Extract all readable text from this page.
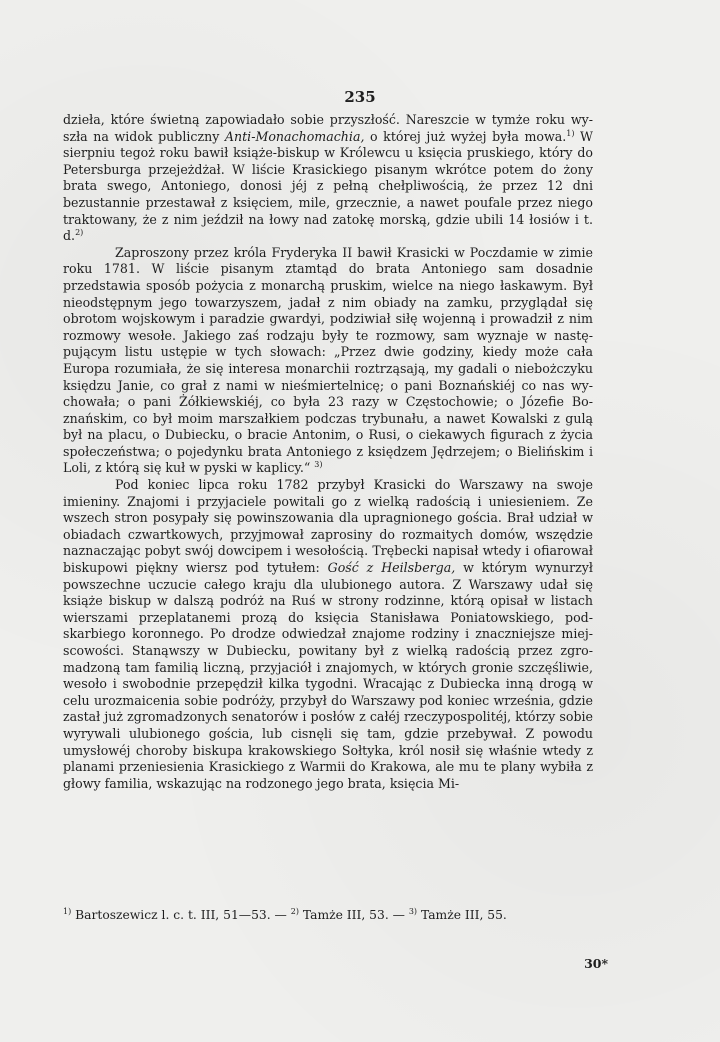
235

dzieła, które świetną zapowiadało sobie przyszłość. Nareszcie w tymże roku wyszła na widok publiczny Anti-Monachomachia, o której już wyżej była mowa.$^{1)}$ W sierpniu tegoż roku bawił książe-biskup w Królewcu u księcia pruskiego, który do Petersburga przejeżdżał. W liście Krasickiego pisanym wkrótce potem do żony brata swego, Antoniego, donosi jéj z pełną chełpliwością, że przez 12 dni bezustannie przestawał z księciem, mile, grzecznie, a nawet poufale przez niego traktowany, że z nim jeździł na łowy nad zatokę morską, gdzie ubili 14 łosiów i t. d.$^{2)}$

Zaproszony przez króla Fryderyka II bawił Krasicki w Poczdamie w zimie roku 1781. W liście pisanym ztamtąd do brata Antoniego sam dosadnie przedstawia sposób pożycia z monarchą pruskim, wielce na niego łaskawym. Był nieodstępnym jego towarzyszem, jadał z nim obiady na zamku, przyglądał się obrotom wojskowym i paradzie gwardyi, podziwiał siłę wojenną i prowadził z nim rozmowy wesołe. Jakiego zaś rodzaju były te rozmowy, sam wyznaje w następującym listu ustępie w tych słowach: „Przez dwie godziny, kiedy może cała Europa rozumiała, że się interesa monarchii roztrząsają, my gadali o niebożczyku księdzu Janie, co grał z nami w nieśmiertelnicę; o pani Boznańskiéj co nas wychowała; o pani Żółkiewskiéj, co była 23 razy w Częstochowie; o Józefie Boznańskim, co był moim marszałkiem podczas trybunału, a nawet Kowalski z gulą był na placu, o Dubiecku, o bracie Antonim, o Rusi, o ciekawych figurach z życia społeczeństwa; o pojedynku brata Antoniego z księdzem Jędrzejem; o Bielińskim i Loli, z którą się kuł w pyski w kaplicy.“ $^{3)}$

Pod koniec lipca roku 1782 przybył Krasicki do Warszawy na swoje imieniny. Znajomi i przyjaciele powitali go z wielką radością i uniesieniem. Ze wszech stron posypały się powinszowania dla upragnionego gościa. Brał udział w obiadach czwartkowych, przyjmował zaprosiny do rozmaitych domów, wszędzie naznaczając pobyt swój dowcipem i wesołością. Trębecki napisał wtedy i ofiarował biskupowi piękny wiersz pod tytułem: Gość z Heilsberga, w którym wynurzył powszechne uczucie całego kraju dla ulubionego autora. Z Warszawy udał się książe biskup w dalszą podróż na Ruś w strony rodzinne, którą opisał w listach wierszami przeplatanemi prozą do księcia Stanisława Poniatowskiego, podskarbiego koronnego. Po drodze odwiedzał znajome rodziny i znaczniejsze miejscowości. Stanąwszy w Dubiecku, powitany był z wielką radością przez zgromadzoną tam familią liczną, przyjaciół i znajomych, w których gronie szczęśliwie, wesoło i swobodnie przepędził kilka tygodni. Wracając z Dubiecka inną drogą w celu urozmaicenia sobie podróży, przybył do Warszawy pod koniec września, gdzie zastał już zgromadzonych senatorów i posłów z całéj rzeczypospolitéj, którzy sobie wyrywali ulubionego gościa, lub cisnęli się tam, gdzie przebywał. Z powodu umysłowéj choroby biskupa krakowskiego Sołtyka, król nosił się właśnie wtedy z planami przeniesienia Krasickiego z Warmii do Krakowa, ale mu te plany wybiła z głowy familia, wskazując na rodzonego jego brata, księcia Mi-

$^{1)}$ Bartoszewicz l. c. t. III, 51—53. — $^{2)}$ Tamże III, 53. — $^{3)}$ Tamże III, 55.
30*
